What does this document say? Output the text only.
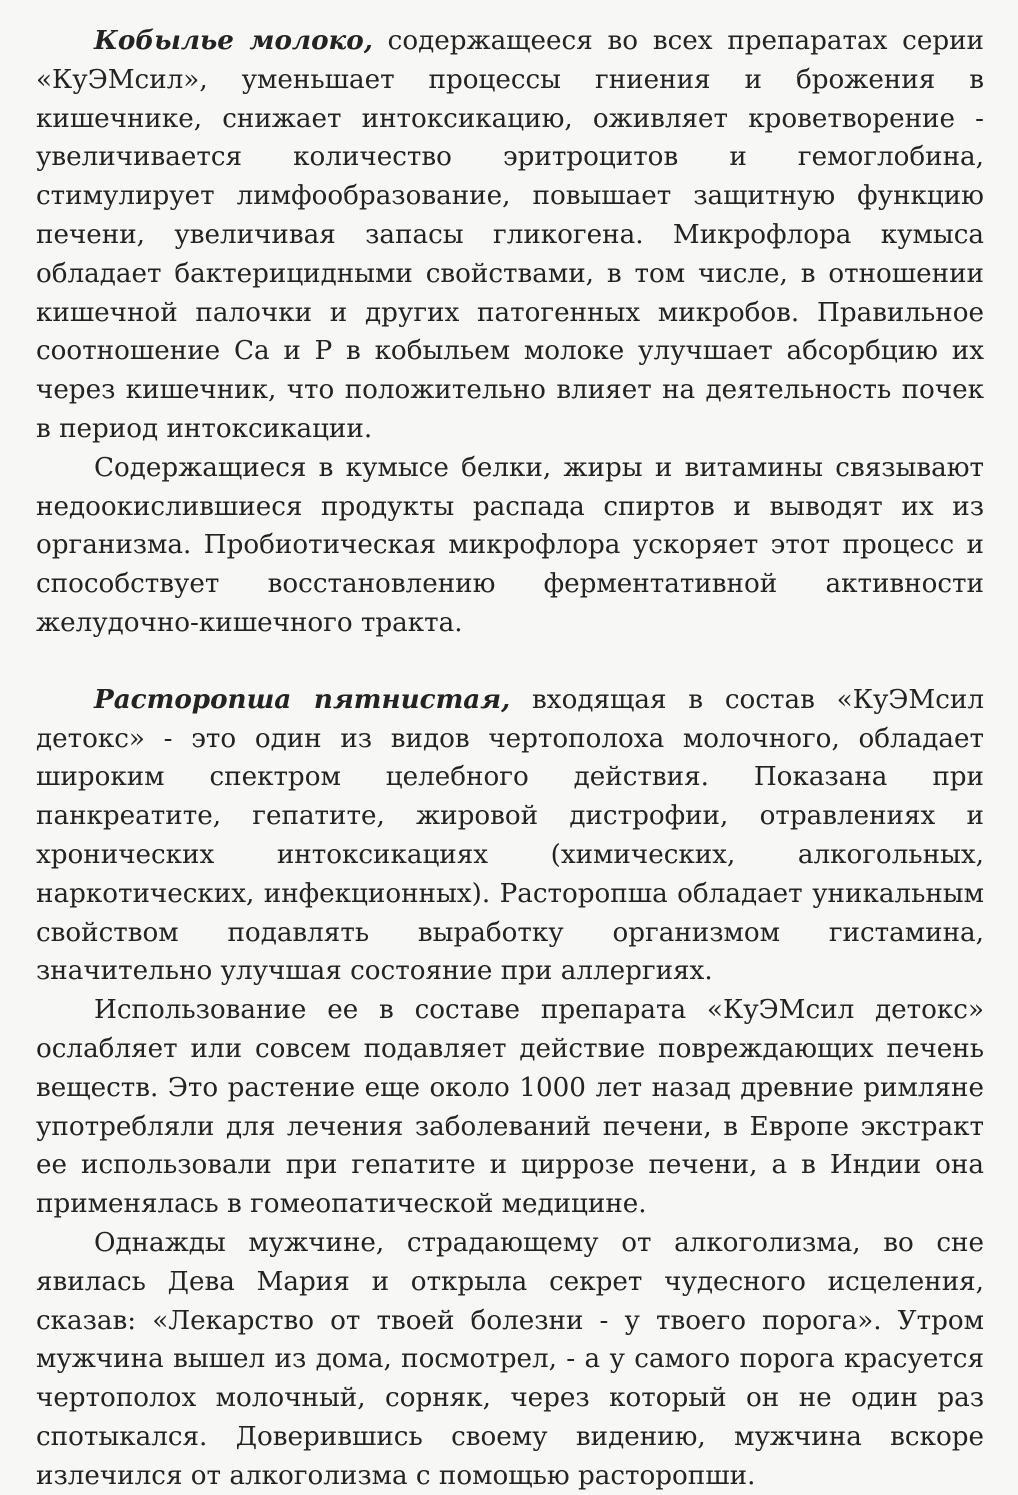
Кобылье молоко, содержащееся во всех препаратах серии «КуЭМсил», уменьшает процессы гниения и брожения в кишечнике, снижает интоксикацию, оживляет кроветворение - увеличивается количество эритроцитов и гемоглобина, стимулирует лимфообразование, повышает защитную функцию печени, увеличивая запасы гликогена. Микрофлора кумыса обладает бактерицидными свойствами, в том числе, в отношении кишечной палочки и других патогенных микробов. Правильное соотношение Са и Р в кобыльем молоке улучшает абсорбцию их через кишечник, что положительно влияет на деятельность почек в период интоксикации.

Содержащиеся в кумысе белки, жиры и витамины связывают недоокислившиеся продукты распада спиртов и выводят их из организма. Пробиотическая микрофлора ускоряет этот процесс и способствует восстановлению ферментативной активности желудочно-кишечного тракта.

Расторопша пятнистая, входящая в состав «КуЭМсил детокс» - это один из видов чертополоха молочного, обладает широким спектром целебного действия. Показана при панкреатите, гепатите, жировой дистрофии, отравлениях и хронических интоксикациях (химических, алкогольных, наркотических, инфекционных). Расторопша обладает уникальным свойством подавлять выработку организмом гистамина, значительно улучшая состояние при аллергиях.

Использование ее в составе препарата «КуЭМсил детокс» ослабляет или совсем подавляет действие повреждающих печень веществ. Это растение еще около 1000 лет назад древние римляне употребляли для лечения заболеваний печени, в Европе экстракт ее использовали при гепатите и циррозе печени, а в Индии она применялась в гомеопатической медицине.

Однажды мужчине, страдающему от алкоголизма, во сне явилась Дева Мария и открыла секрет чудесного исцеления, сказав: «Лекарство от твоей болезни - у твоего порога». Утром мужчина вышел из дома, посмотрел, - а у самого порога красуется чертополох молочный, сорняк, через который он не один раз спотыкался. Доверившись своему видению, мужчина вскоре излечился от алкоголизма с помощью расторопши.
